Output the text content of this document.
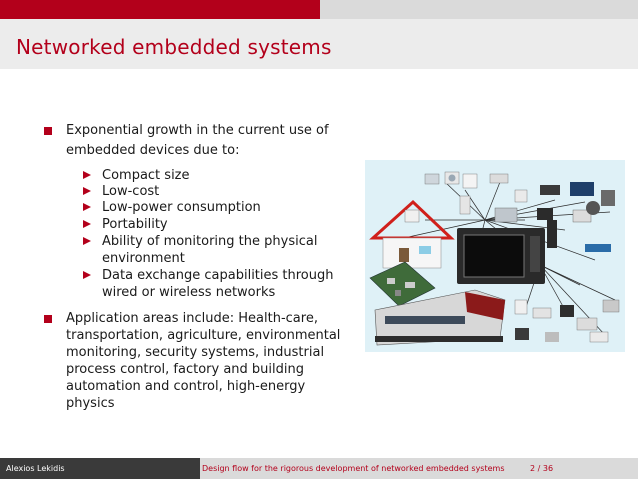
Networked embedded systems
Exponential growth in the current use of
embedded devices due to:
Compact size
Low-cost
Low-power consumption
Portability
Ability of monitoring the physical
environment
Data exchange capabilities through
wired or wireless networks
Application areas include: Health-care,
transportation, agriculture, environmental
monitoring, security systems, industrial
process control, factory and building
automation and control, high-energy
physics
Alexios Lekidis	Design flow for the rigorous development of networked embedded systems	2 / 36
